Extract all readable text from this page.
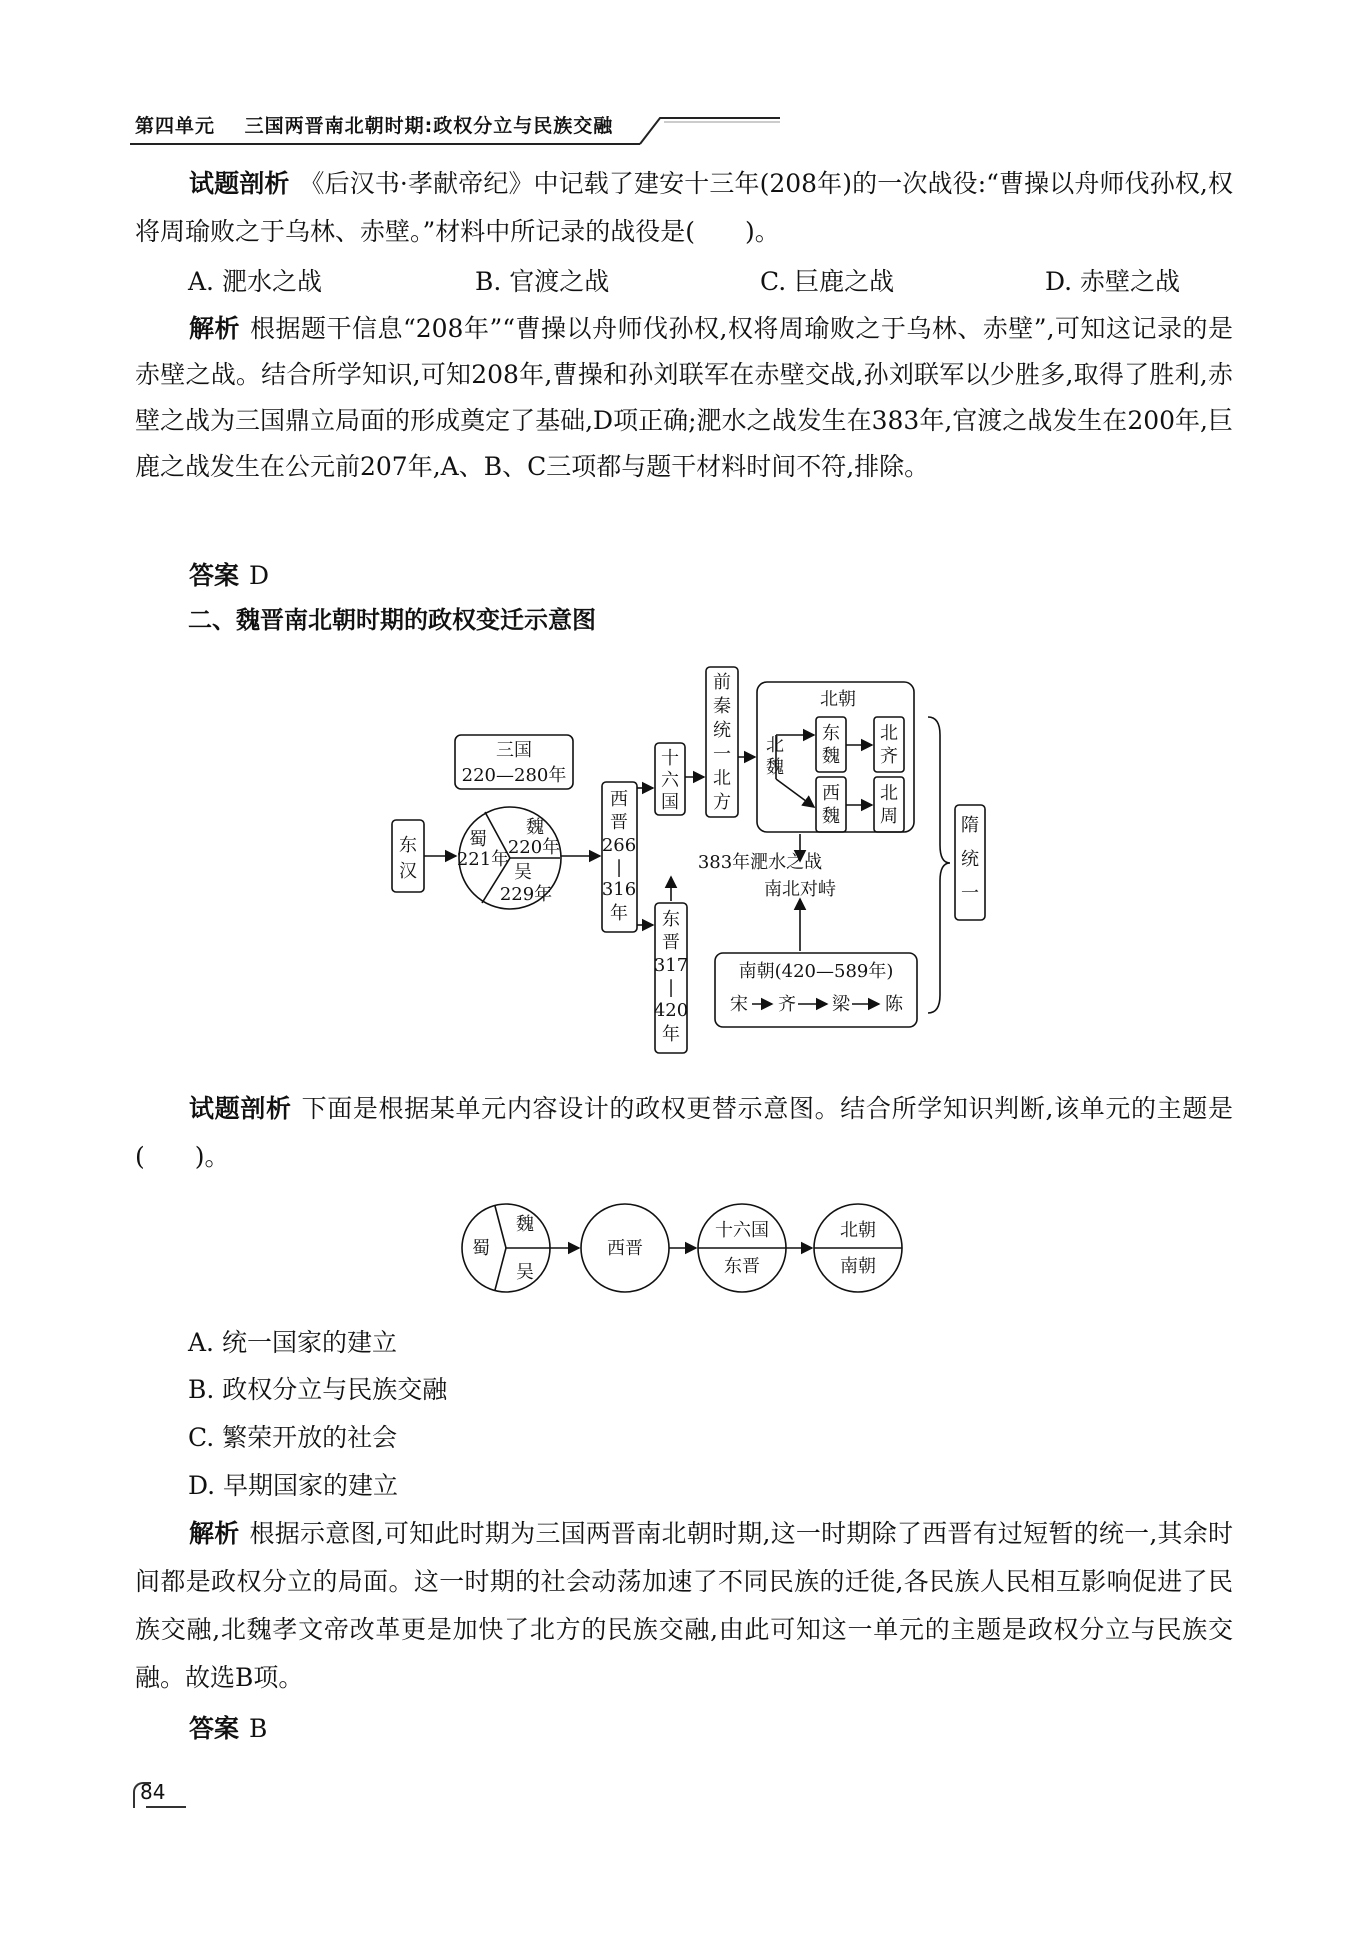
第四单元 三国两晋南北朝时期:政权分立与民族交融
试题剖析 《后汉书·孝献帝纪》中记载了建安十三年(208年)的一次战役:“曹操以舟师伐孙权,权将周瑜败之于乌林、赤壁。”材料中所记录的战役是(　　)。
A. 淝水之战	B. 官渡之战	C. 巨鹿之战	D. 赤壁之战
解析 根据题干信息“208年”“曹操以舟师伐孙权,权将周瑜败之于乌林、赤壁”,可知这记录的是赤壁之战。结合所学知识,可知208年,曹操和孙刘联军在赤壁交战,孙刘联军以少胜多,取得了胜利,赤壁之战为三国鼎立局面的形成奠定了基础,D项正确;淝水之战发生在383年,官渡之战发生在200年,巨鹿之战发生在公元前207年,A、B、C三项都与题干材料时间不符,排除。
答案 D
二、魏晋南北朝时期的政权变迁示意图
三国
220—280年
东
汉
魏
220年
蜀
221年
吴
229年
西
晋
266
|
316
年
十
六
国
前
秦
统
一
北
方
北朝
北
魏
东
魏
北
齐
西
魏
北
周
383年淝水之战
南北对峙
东
晋
317
|
420
年
南朝(420—589年)
宋 齐 梁 陈
隋
统
一
试题剖析 下面是根据某单元内容设计的政权更替示意图。结合所学知识判断,该单元的主题是(　　)。
蜀
魏
吴
西晋
十六国
东晋
北朝
南朝
A. 统一国家的建立
B. 政权分立与民族交融
C. 繁荣开放的社会
D. 早期国家的建立
解析 根据示意图,可知此时期为三国两晋南北朝时期,这一时期除了西晋有过短暂的统一,其余时间都是政权分立的局面。这一时期的社会动荡加速了不同民族的迁徙,各民族人民相互影响促进了民族交融,北魏孝文帝改革更是加快了北方的民族交融,由此可知这一单元的主题是政权分立与民族交融。故选B项。
答案 B
84
